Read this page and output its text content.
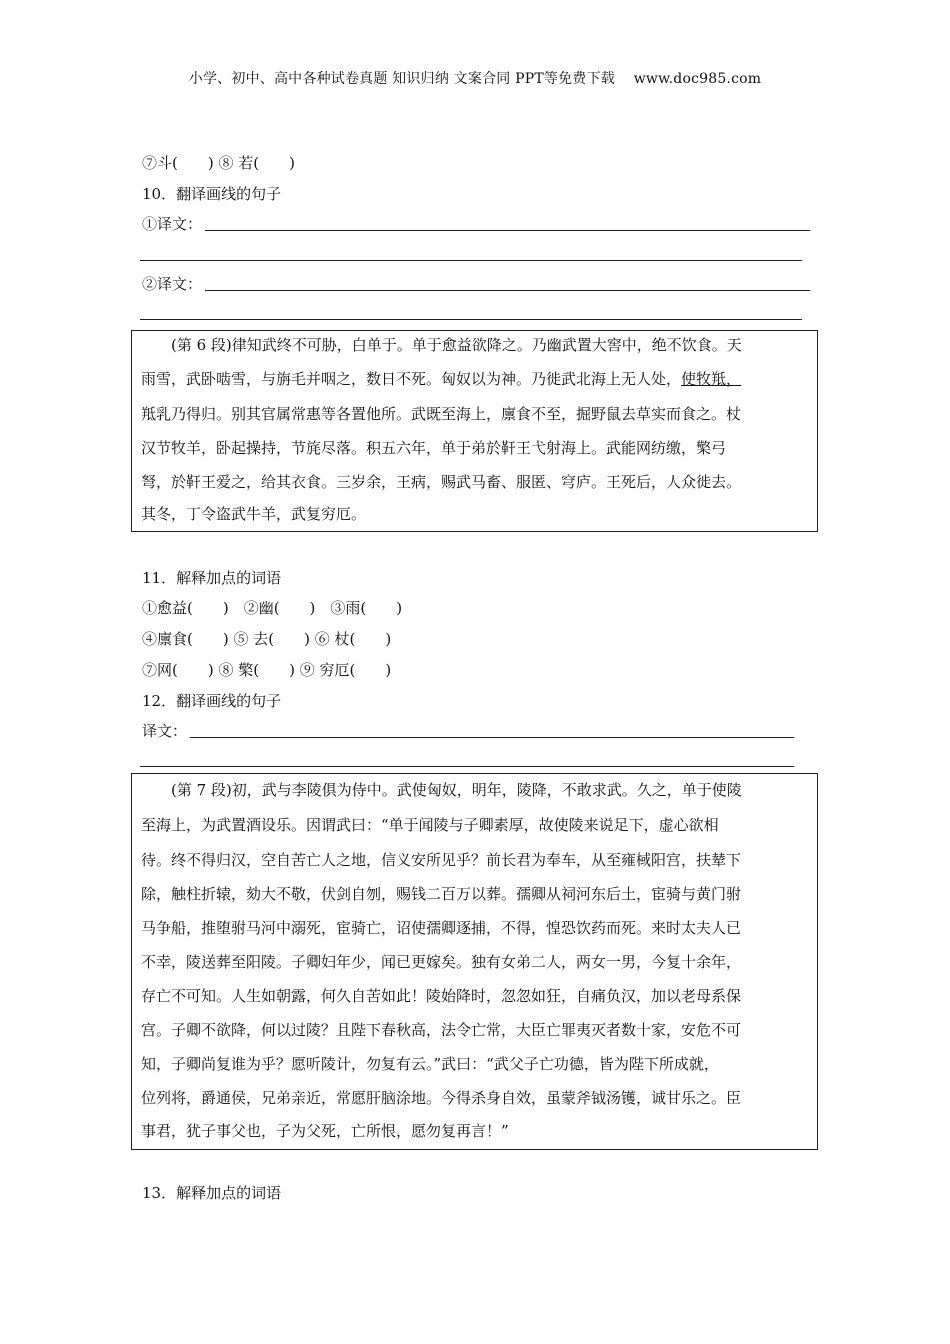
小学、初中、高中各种试卷真题 知识归纳 文案合同 PPT等免费下载　 www.doc985.com
⑦斗(　　) ⑧ 若(　　)
10．翻译画线的句子
①译文：
②译文：

　　(第 6 段)律知武终不可胁，白单于。单于愈益欲降之。乃幽武置大窖中，绝不饮食。天

雨雪，武卧啮雪，与旃毛并咽之，数日不死。匈奴以为神。乃徙武北海上无人处，使牧羝，

羝乳乃得归。别其官属常惠等各置他所。武既至海上，廪食不至，掘野鼠去草实而食之。杖

汉节牧羊，卧起操持，节旄尽落。积五六年，单于弟於靬王弋射海上。武能网纺缴，檠弓

弩，於靬王爱之，给其衣食。三岁余，王病，赐武马畜、服匿、穹庐。王死后，人众徙去。

其冬，丁令盗武牛羊，武复穷厄。

11．解释加点的词语
①愈益(　　)　②幽(　　)　③雨(　　)
④廪食(　　) ⑤ 去(　　) ⑥ 杖(　　)
⑦网(　　) ⑧ 檠(　　) ⑨ 穷厄(　　)
12．翻译画线的句子
译文：

　　(第 7 段)初，武与李陵俱为侍中。武使匈奴，明年，陵降，不敢求武。久之，单于使陵

至海上，为武置酒设乐。因谓武曰：“单于闻陵与子卿素厚，故使陵来说足下，虚心欲相

待。终不得归汉，空自苦亡人之地，信义安所见乎？前长君为奉车，从至雍棫阳宫，扶辇下

除，触柱折辕，劾大不敬，伏剑自刎，赐钱二百万以葬。孺卿从祠河东后土，宦骑与黄门驸

马争船，推堕驸马河中溺死，宦骑亡，诏使孺卿逐捕，不得，惶恐饮药而死。来时太夫人已

不幸，陵送葬至阳陵。子卿妇年少，闻已更嫁矣。独有女弟二人，两女一男，今复十余年，

存亡不可知。人生如朝露，何久自苦如此！陵始降时，忽忽如狂，自痛负汉，加以老母系保

宫。子卿不欲降，何以过陵？且陛下春秋高，法令亡常，大臣亡罪夷灭者数十家，安危不可

知，子卿尚复谁为乎？愿听陵计，勿复有云。”武曰：“武父子亡功德，皆为陛下所成就，

位列将，爵通侯，兄弟亲近，常愿肝脑涂地。今得杀身自效，虽蒙斧钺汤镬，诚甘乐之。臣

事君，犹子事父也，子为父死，亡所恨，愿勿复再言！”

13．解释加点的词语
